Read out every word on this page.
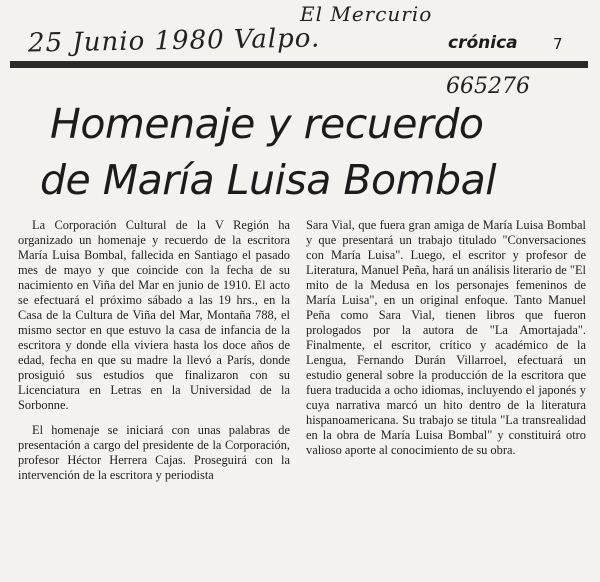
El Mercurio
25 Junio 1980 Valpo.
665276
crónica 7
Homenaje y recuerdo
de María Luisa Bombal

La Corporación Cultural de la V Región ha organizado un homenaje y recuerdo de la escritora María Luisa Bombal, fallecida en Santiago el pasado mes de mayo y que coincide con la fecha de su nacimiento en Viña del Mar en junio de 1910. El acto se efectuará el próximo sábado a las 19 hrs., en la Casa de la Cultura de Viña del Mar, Montaña 788, el mismo sector en que estuvo la casa de infancia de la escritora y donde ella viviera hasta los doce años de edad, fecha en que su madre la llevó a París, donde prosiguió sus estudios que finalizaron con su Licenciatura en Letras en la Universidad de la Sorbonne.

El homenaje se iniciará con unas palabras de presentación a cargo del presidente de la Corporación, profesor Héctor Herrera Cajas. Proseguirá con la intervención de la escritora y periodista

Sara Vial, que fuera gran amiga de María Luisa Bombal y que presentará un trabajo titulado "Conversaciones con María Luisa". Luego, el escritor y profesor de Literatura, Manuel Peña, hará un análisis literario de "El mito de la Medusa en los personajes femeninos de María Luisa", en un original enfoque. Tanto Manuel Peña como Sara Vial, tienen libros que fueron prologados por la autora de "La Amortajada". Finalmente, el escritor, crítico y académico de la Lengua, Fernando Durán Villarroel, efectuará un estudio general sobre la producción de la escritora que fuera traducida a ocho idiomas, incluyendo el japonés y cuya narrativa marcó un hito dentro de la literatura hispanoamericana. Su trabajo se titula "La transrealidad en la obra de María Luisa Bombal" y constituirá otro valioso aporte al conocimiento de su obra.
